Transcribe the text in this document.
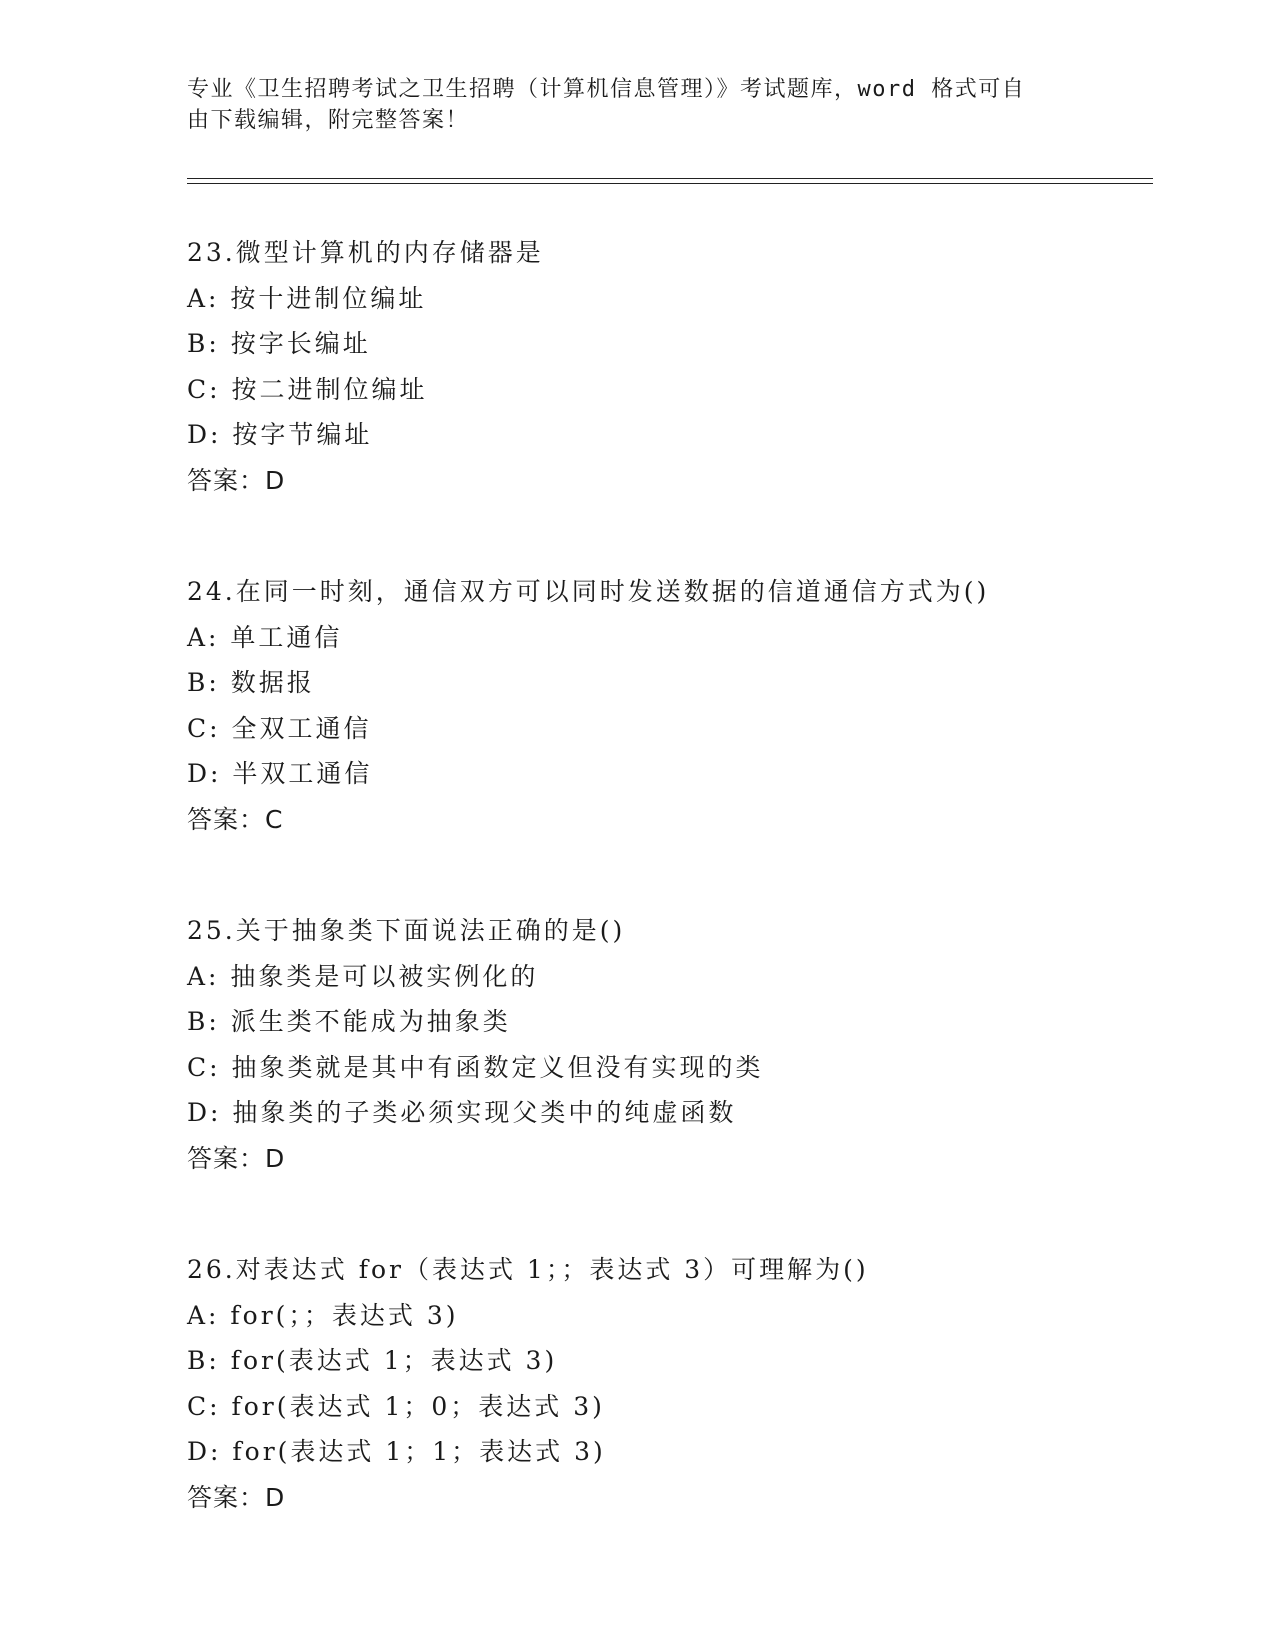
专业《卫生招聘考试之卫生招聘（计算机信息管理）》考试题库，word 格式可自
由下载编辑，附完整答案！
23.微型计算机的内存储器是
A: 按十进制位编址
B: 按字长编址
C: 按二进制位编址
D: 按字节编址
答案：D
24.在同一时刻，通信双方可以同时发送数据的信道通信方式为()
A: 单工通信
B: 数据报
C: 全双工通信
D: 半双工通信
答案：C
25.关于抽象类下面说法正确的是()
A: 抽象类是可以被实例化的
B: 派生类不能成为抽象类
C: 抽象类就是其中有函数定义但没有实现的类
D: 抽象类的子类必须实现父类中的纯虚函数
答案：D
26.对表达式 for（表达式 1；；表达式 3）可理解为()
A: for(；；表达式 3)
B: for(表达式 1；表达式 3)
C: for(表达式 1；0；表达式 3)
D: for(表达式 1；1；表达式 3)
答案：D
